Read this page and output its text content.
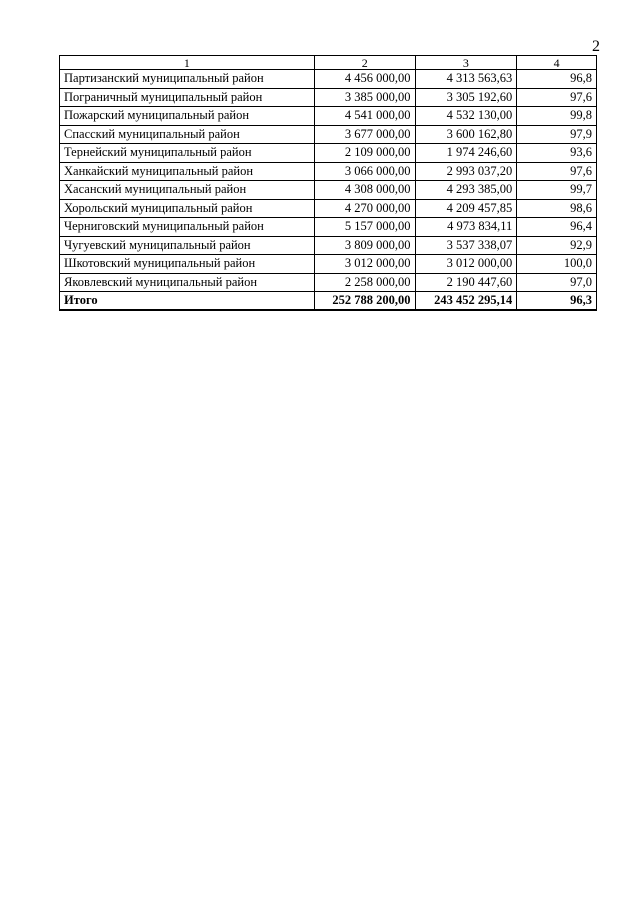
2
1	2	3	4
Партизанский муниципальный район	4 456 000,00	4 313 563,63	96,8
Пограничный муниципальный район	3 385 000,00	3 305 192,60	97,6
Пожарский муниципальный район	4 541 000,00	4 532 130,00	99,8
Спасский муниципальный район	3 677 000,00	3 600 162,80	97,9
Тернейский муниципальный район	2 109 000,00	1 974 246,60	93,6
Ханкайский муниципальный район	3 066 000,00	2 993 037,20	97,6
Хасанский муниципальный район	4 308 000,00	4 293 385,00	99,7
Хорольский муниципальный район	4 270 000,00	4 209 457,85	98,6
Черниговский муниципальный район	5 157 000,00	4 973 834,11	96,4
Чугуевский муниципальный район	3 809 000,00	3 537 338,07	92,9
Шкотовский муниципальный район	3 012 000,00	3 012 000,00	100,0
Яковлевский муниципальный район	2 258 000,00	2 190 447,60	97,0
Итого	252 788 200,00	243 452 295,14	96,3
